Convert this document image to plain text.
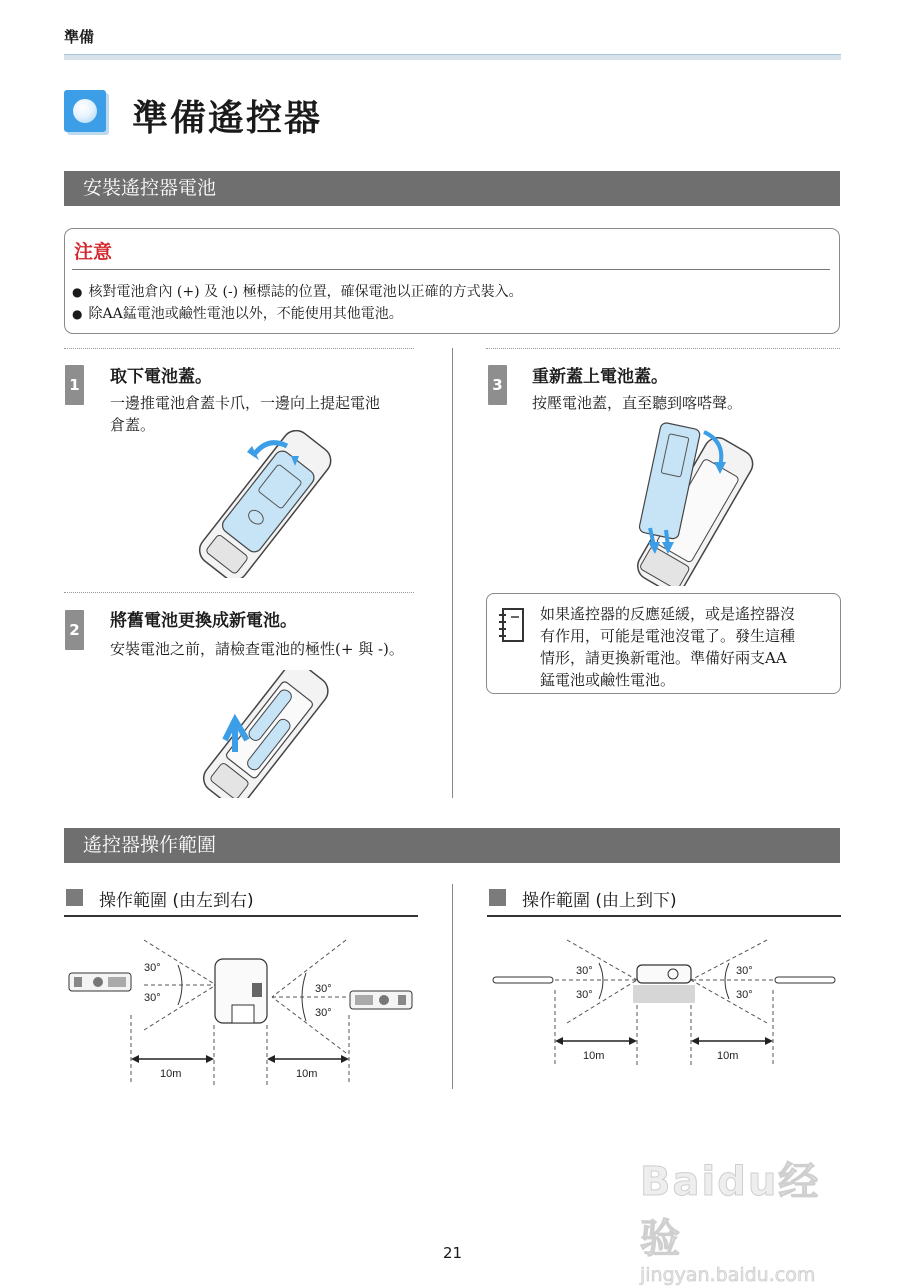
準備
準備遙控器
安裝遙控器電池
注意
● 核對電池倉內 (+) 及 (-) 極標誌的位置，確保電池以正確的方式裝入。
● 除AA錳電池或鹼性電池以外，不能使用其他電池。
1 取下電池蓋。
一邊推電池倉蓋卡爪，一邊向上提起電池
倉蓋。
2 將舊電池更換成新電池。
安裝電池之前，請檢查電池的極性(+ 與 -)。
3 重新蓋上電池蓋。
按壓電池蓋，直至聽到喀嗒聲。
如果遙控器的反應延緩，或是遙控器沒
有作用，可能是電池沒電了。發生這種
情形，請更換新電池。準備好兩支AA
錳電池或鹼性電池。
遙控器操作範圍
操作範圍 (由左到右)	操作範圍 (由上到下)
30°
30°
30°
30°
10m	10m
30°
30°
30°
30°
10m	10m
Baidu经验
jingyan.baidu.com
21
